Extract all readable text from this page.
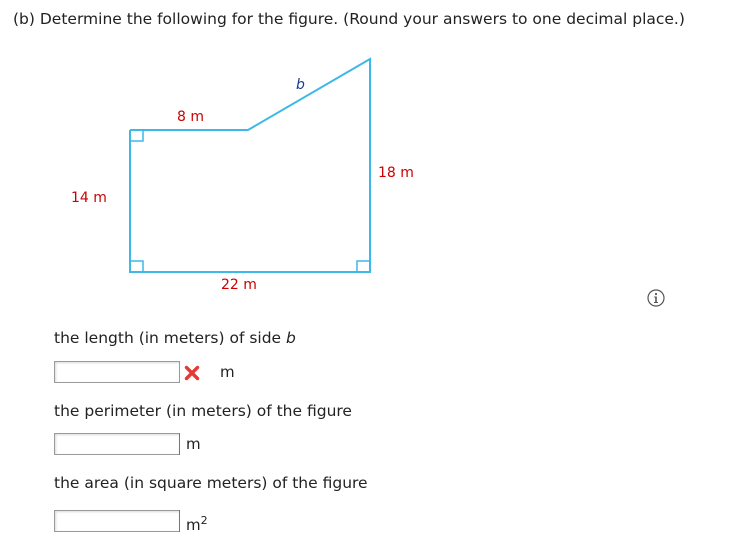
(b) Determine the following for the figure. (Round your answers to one decimal place.)
8 m
b
18 m
14 m
22 m
the length (in meters) of side b
m
the perimeter (in meters) of the figure
m
the area (in square meters) of the figure
$m^2$
